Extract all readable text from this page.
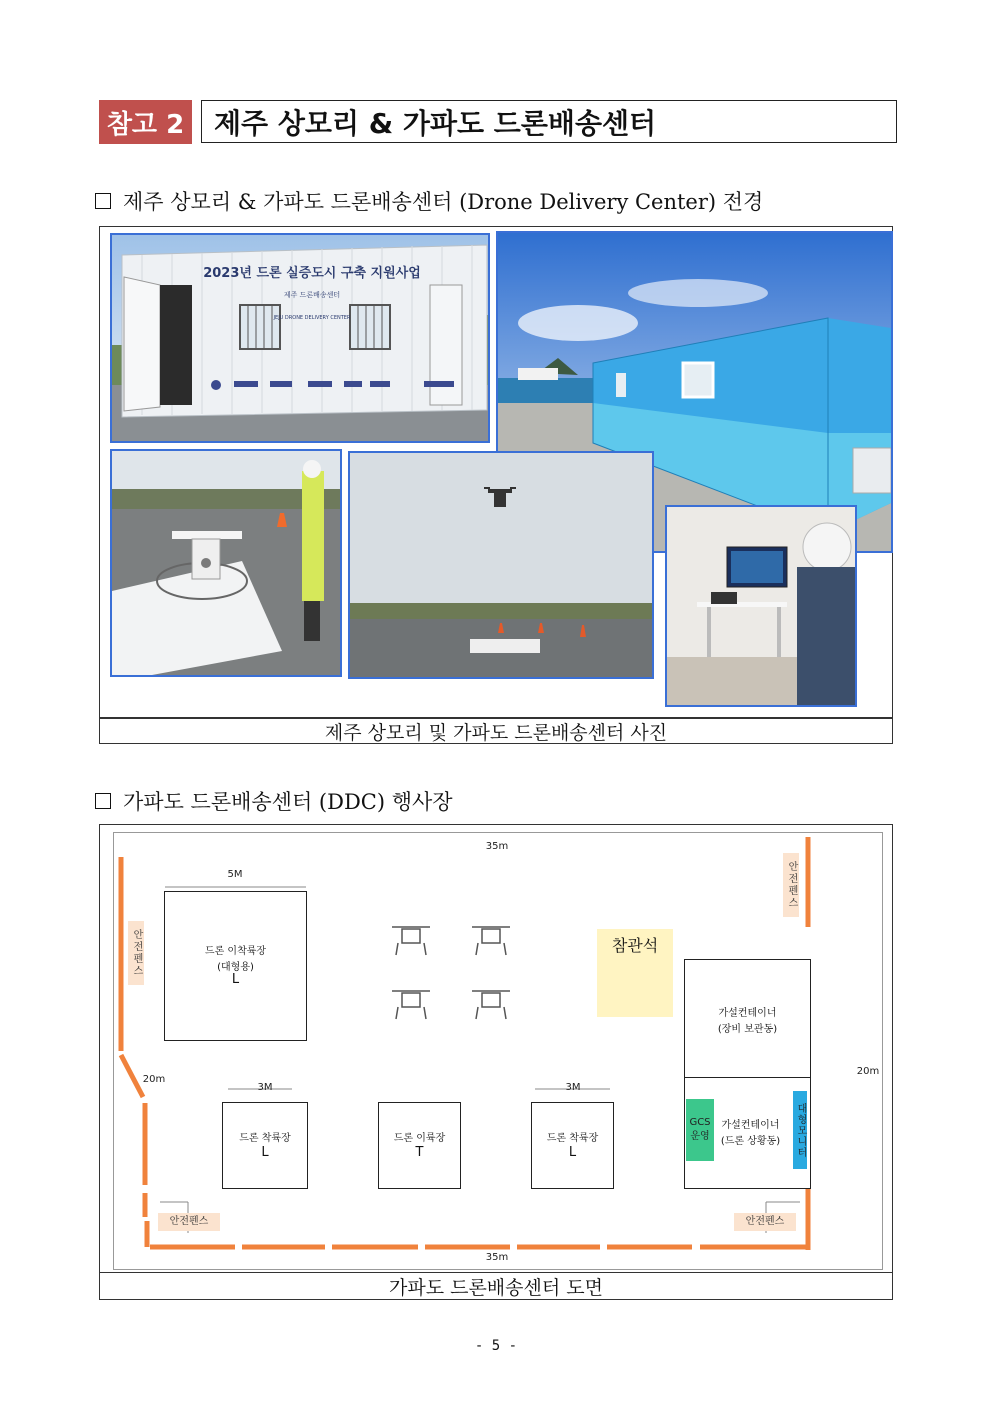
참고 2	제주 상모리 & 가파도 드론배송센터
제주 상모리 & 가파도 드론배송센터 (Drone Delivery Center) 전경
2023년 드론 실증도시 구축 지원사업
제주 드론배송센터
JEJU DRONE DELIVERY CENTER
제주 상모리 및 가파도 드론배송센터 사진
가파도 드론배송센터 (DDC) 행사장
35m
35m
20m
20m
5M
3M	3M
안전펜스
안전펜스
안전펜스	안전펜스
드론 이착륙장
(대형용)
L
참관석
가설컨테이너
(장비 보관동)
가설컨테이너
(드론 상황동)
GCS 운영	대형모니터
드론 착륙장
L
드론 이륙장
T
드론 착륙장
L
가파도 드론배송센터 도면
- 5 -
